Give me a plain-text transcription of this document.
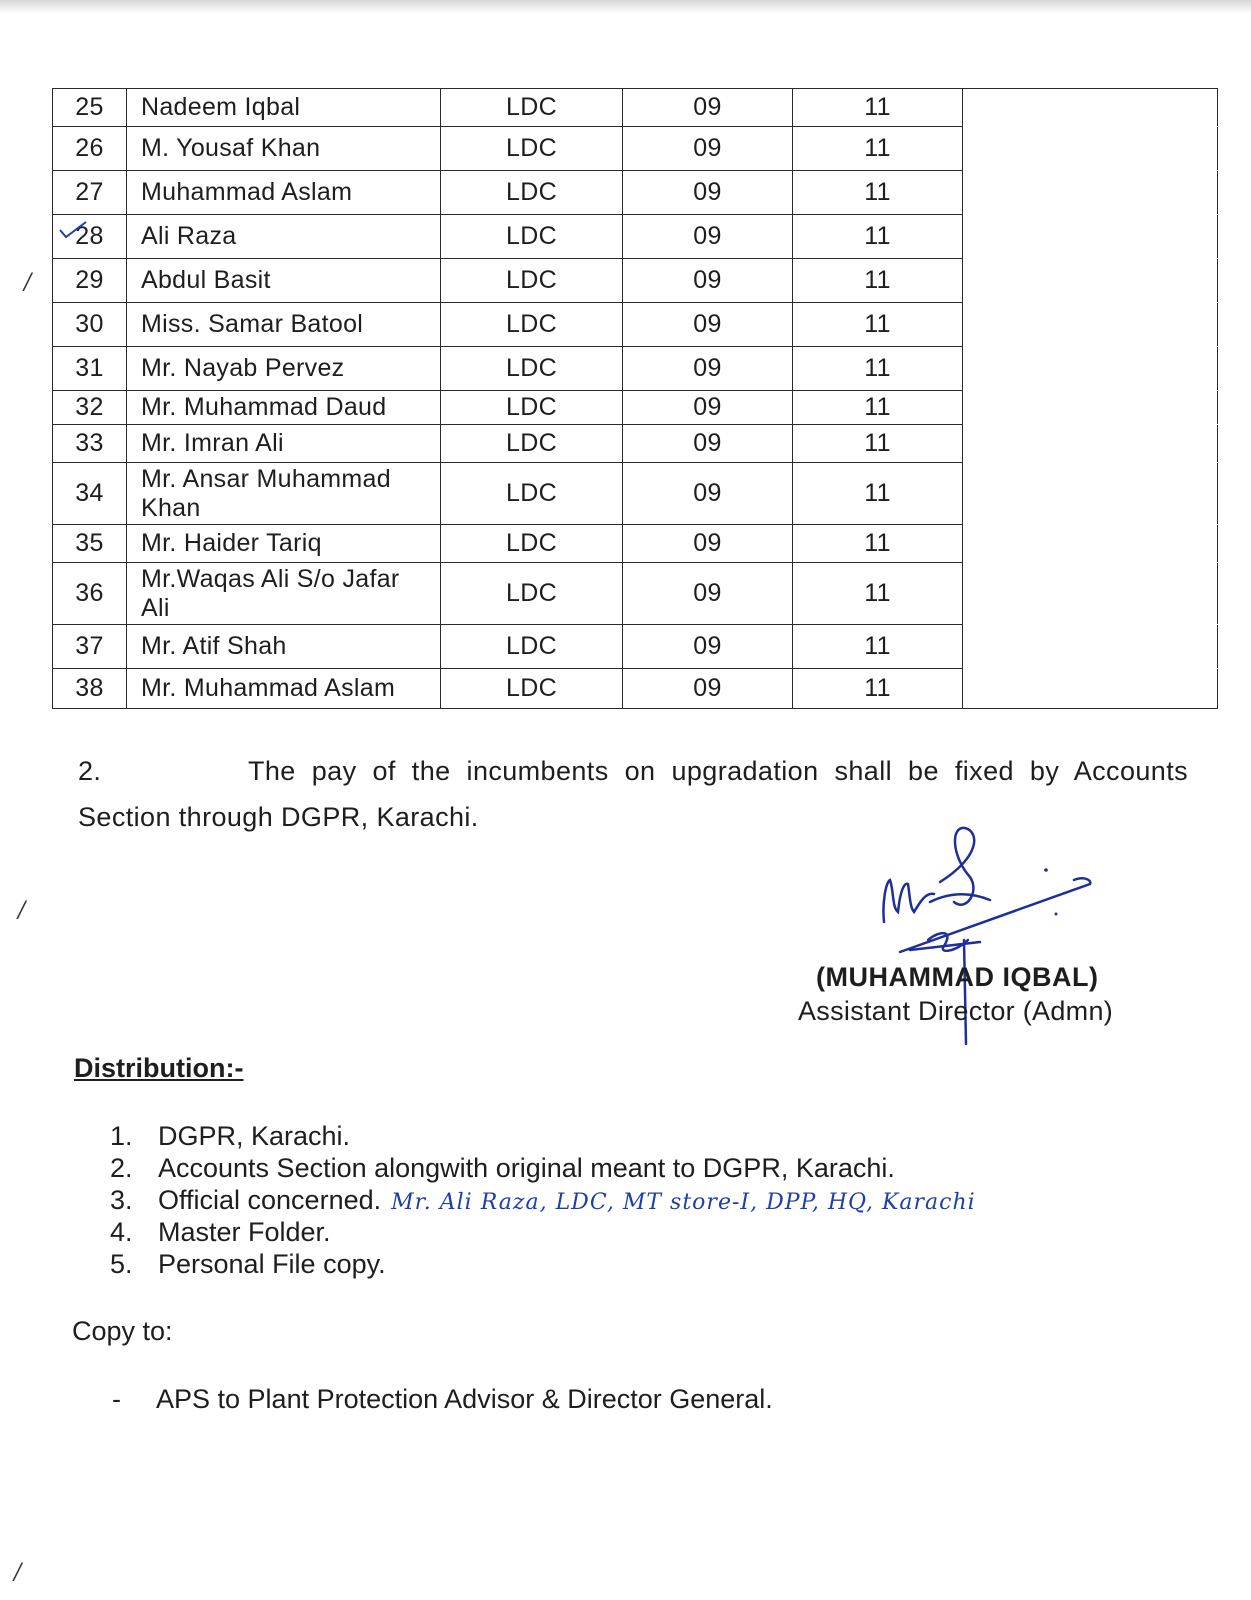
25	Nadeem Iqbal	LDC	09	11	
26	M. Yousaf Khan	LDC	09	11	
27	Muhammad Aslam	LDC	09	11	
28	Ali Raza	LDC	09	11	
29	Abdul Basit	LDC	09	11	
30	Miss. Samar Batool	LDC	09	11	
31	Mr. Nayab Pervez	LDC	09	11	
32	Mr. Muhammad Daud	LDC	09	11	
33	Mr. Imran Ali	LDC	09	11	
34	Mr. Ansar Muhammad Khan	LDC	09	11	
35	Mr. Haider Tariq	LDC	09	11	
36	Mr.Waqas Ali S/o Jafar Ali	LDC	09	11	
37	Mr. Atif Shah	LDC	09	11	
38	Mr. Muhammad Aslam	LDC	09	11	
/
/
/
2.	The pay of the incumbents on upgradation shall be fixed by Accounts Section through DGPR, Karachi.
(MUHAMMAD IQBAL)
Assistant Director (Admn)
Distribution:-
1. DGPR, Karachi.
2. Accounts Section alongwith original meant to DGPR, Karachi.
3. Official concerned. Mr. Ali Raza, LDC, MT store-I, DPP, HQ, Karachi
4. Master Folder.
5. Personal File copy.
Copy to:
- APS to Plant Protection Advisor & Director General.
